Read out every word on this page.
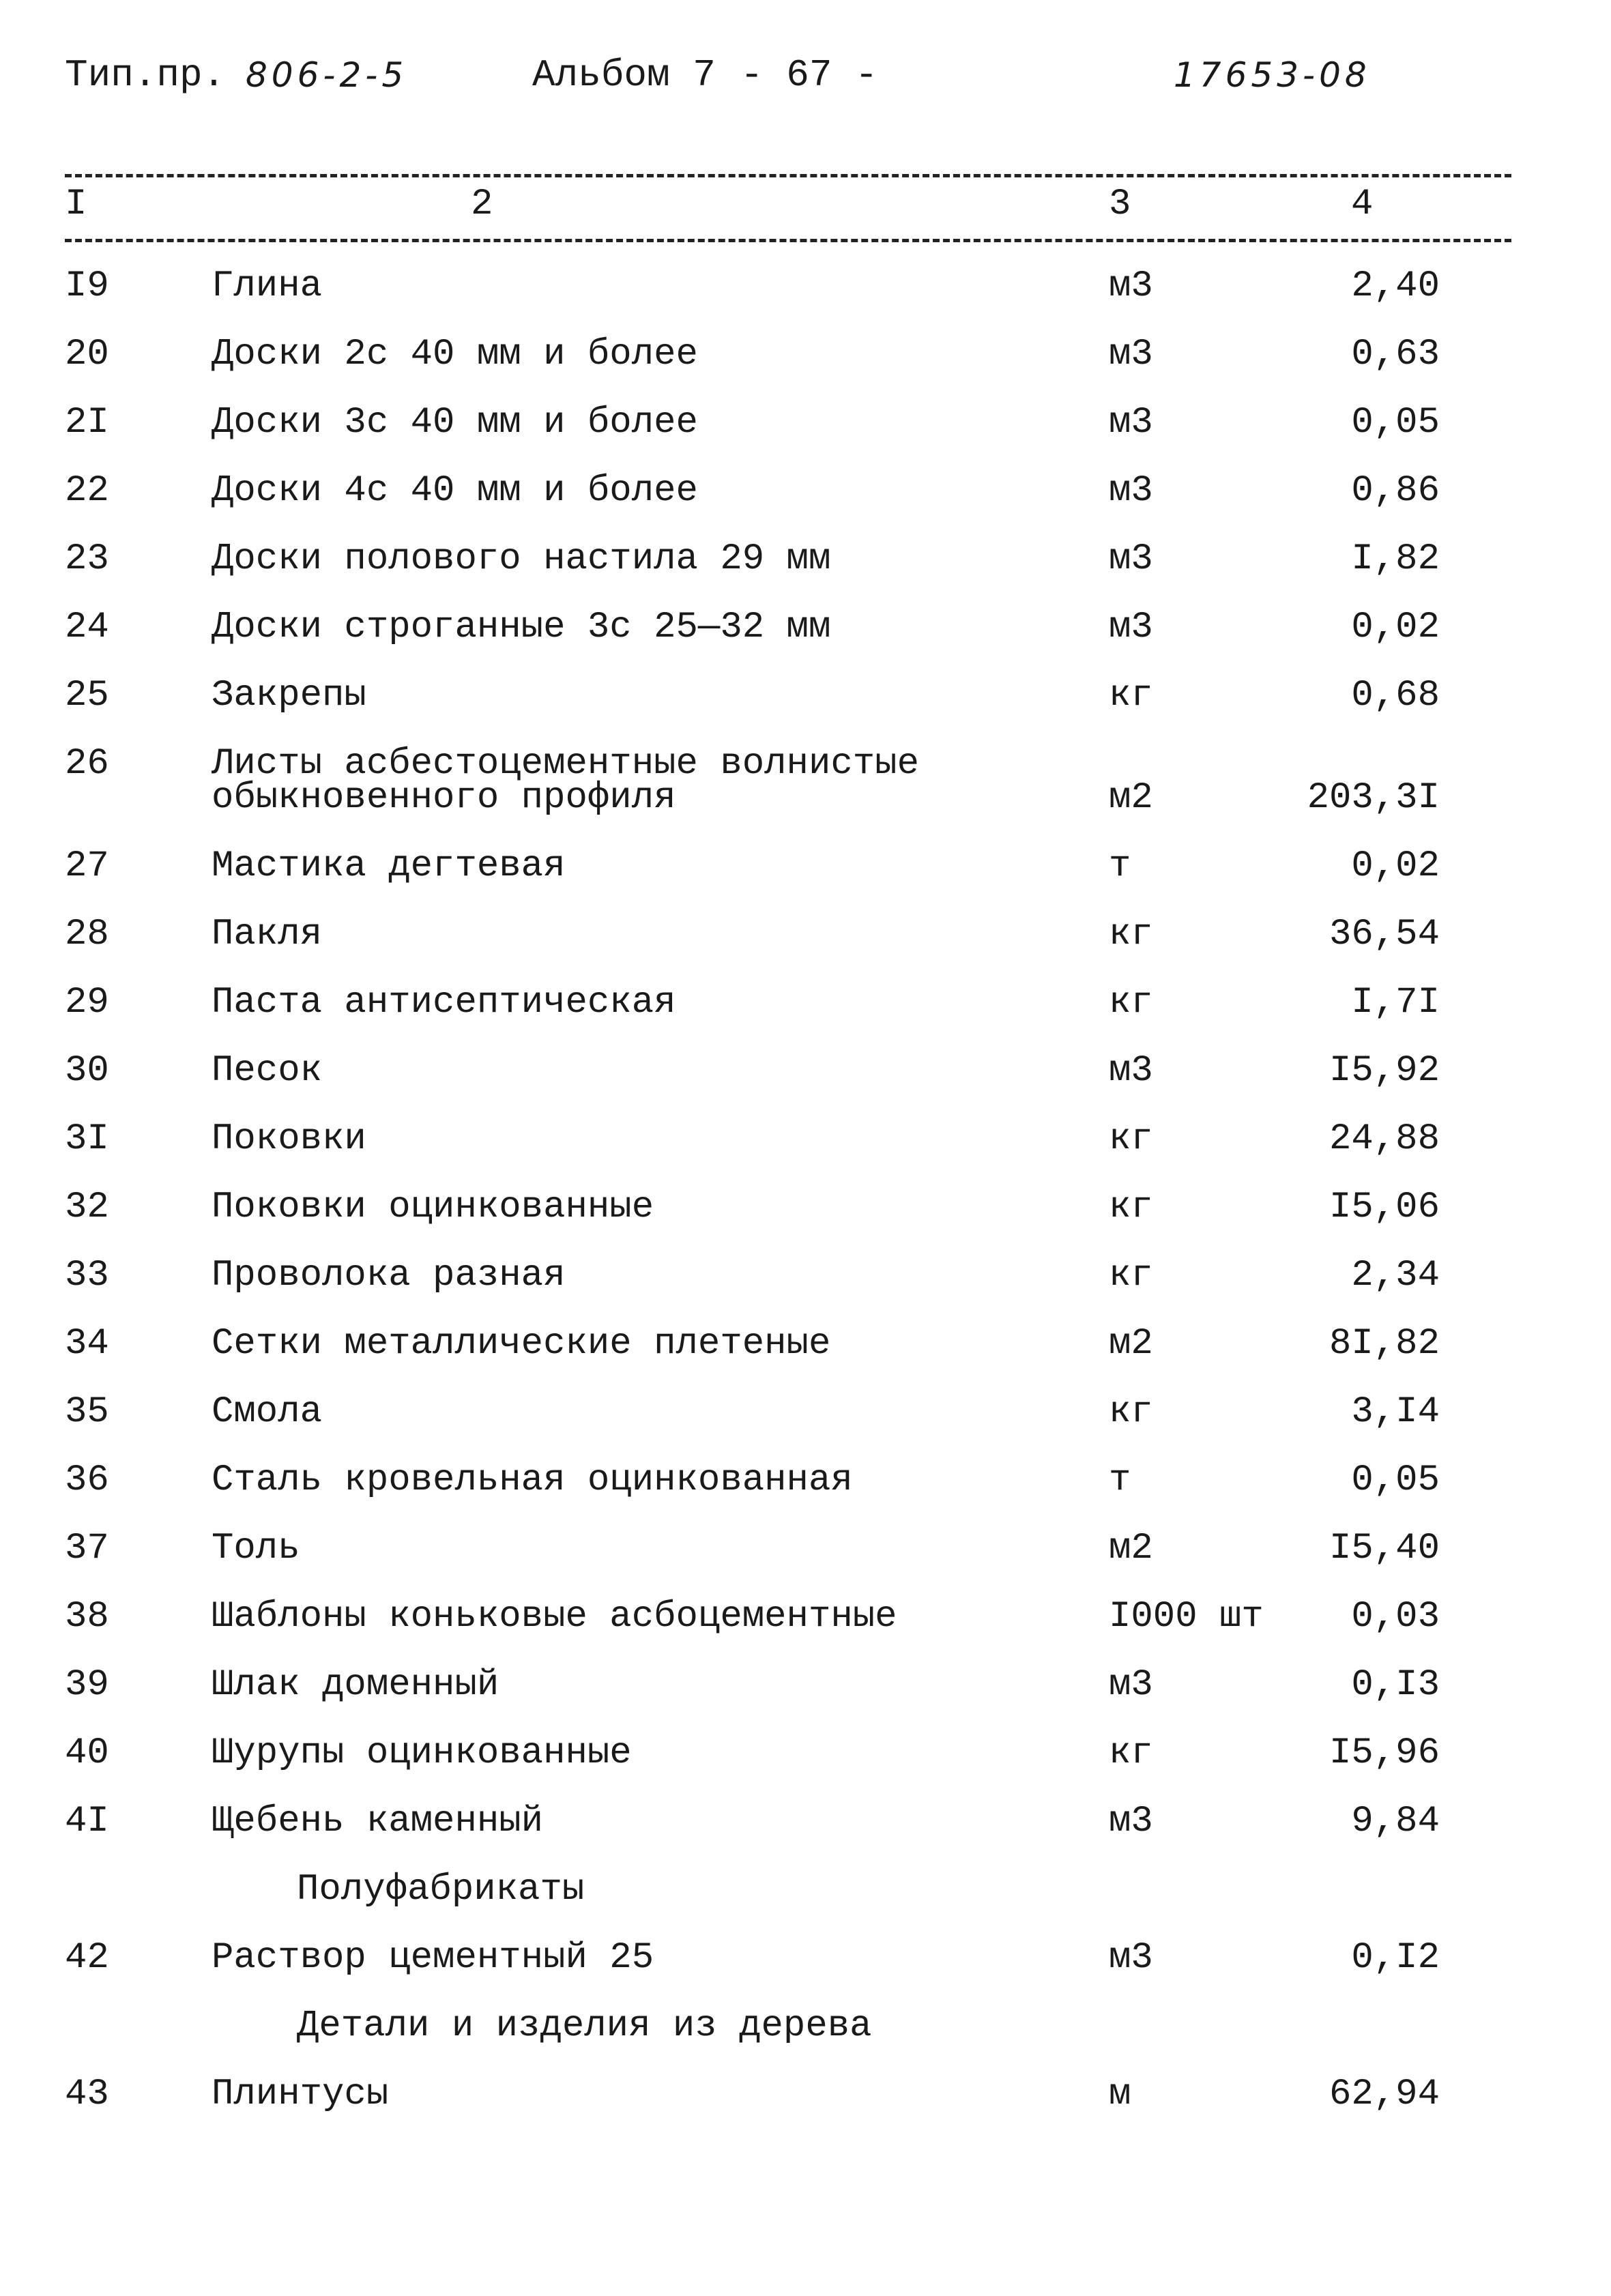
Тип.пр. 806-2-5	Альбом 7 - 67 -	17653-08
I	2	3	4
I9	Глина	м3	2,40
20	Доски 2с 40 мм и более	м3	0,63
2I	Доски 3с 40 мм и более	м3	0,05
22	Доски 4с 40 мм и более	м3	0,86
23	Доски полового настила 29 мм	м3	I,82
24	Доски строганные 3с 25—32 мм	м3	0,02
25	Закрепы	кг	0,68
26	Листы асбестоцементные волнистые
обыкновенного профиля	м2	203,3I
27	Мастика дегтевая	т	0,02
28	Пакля	кг	36,54
29	Паста антисептическая	кг	I,7I
30	Песок	м3	I5,92
3I	Поковки	кг	24,88
32	Поковки оцинкованные	кг	I5,06
33	Проволока разная	кг	2,34
34	Сетки металлические плетеные	м2	8I,82
35	Смола	кг	3,I4
36	Сталь кровельная оцинкованная	т	0,05
37	Толь	м2	I5,40
38	Шаблоны коньковые асбоцементные	I000 шт	0,03
39	Шлак доменный	м3	0,I3
40	Шурупы оцинкованные	кг	I5,96
4I	Щебень каменный	м3	9,84
Полуфабрикаты
42	Раствор цементный 25	м3	0,I2
Детали и изделия из дерева
43	Плинтусы	м	62,94
